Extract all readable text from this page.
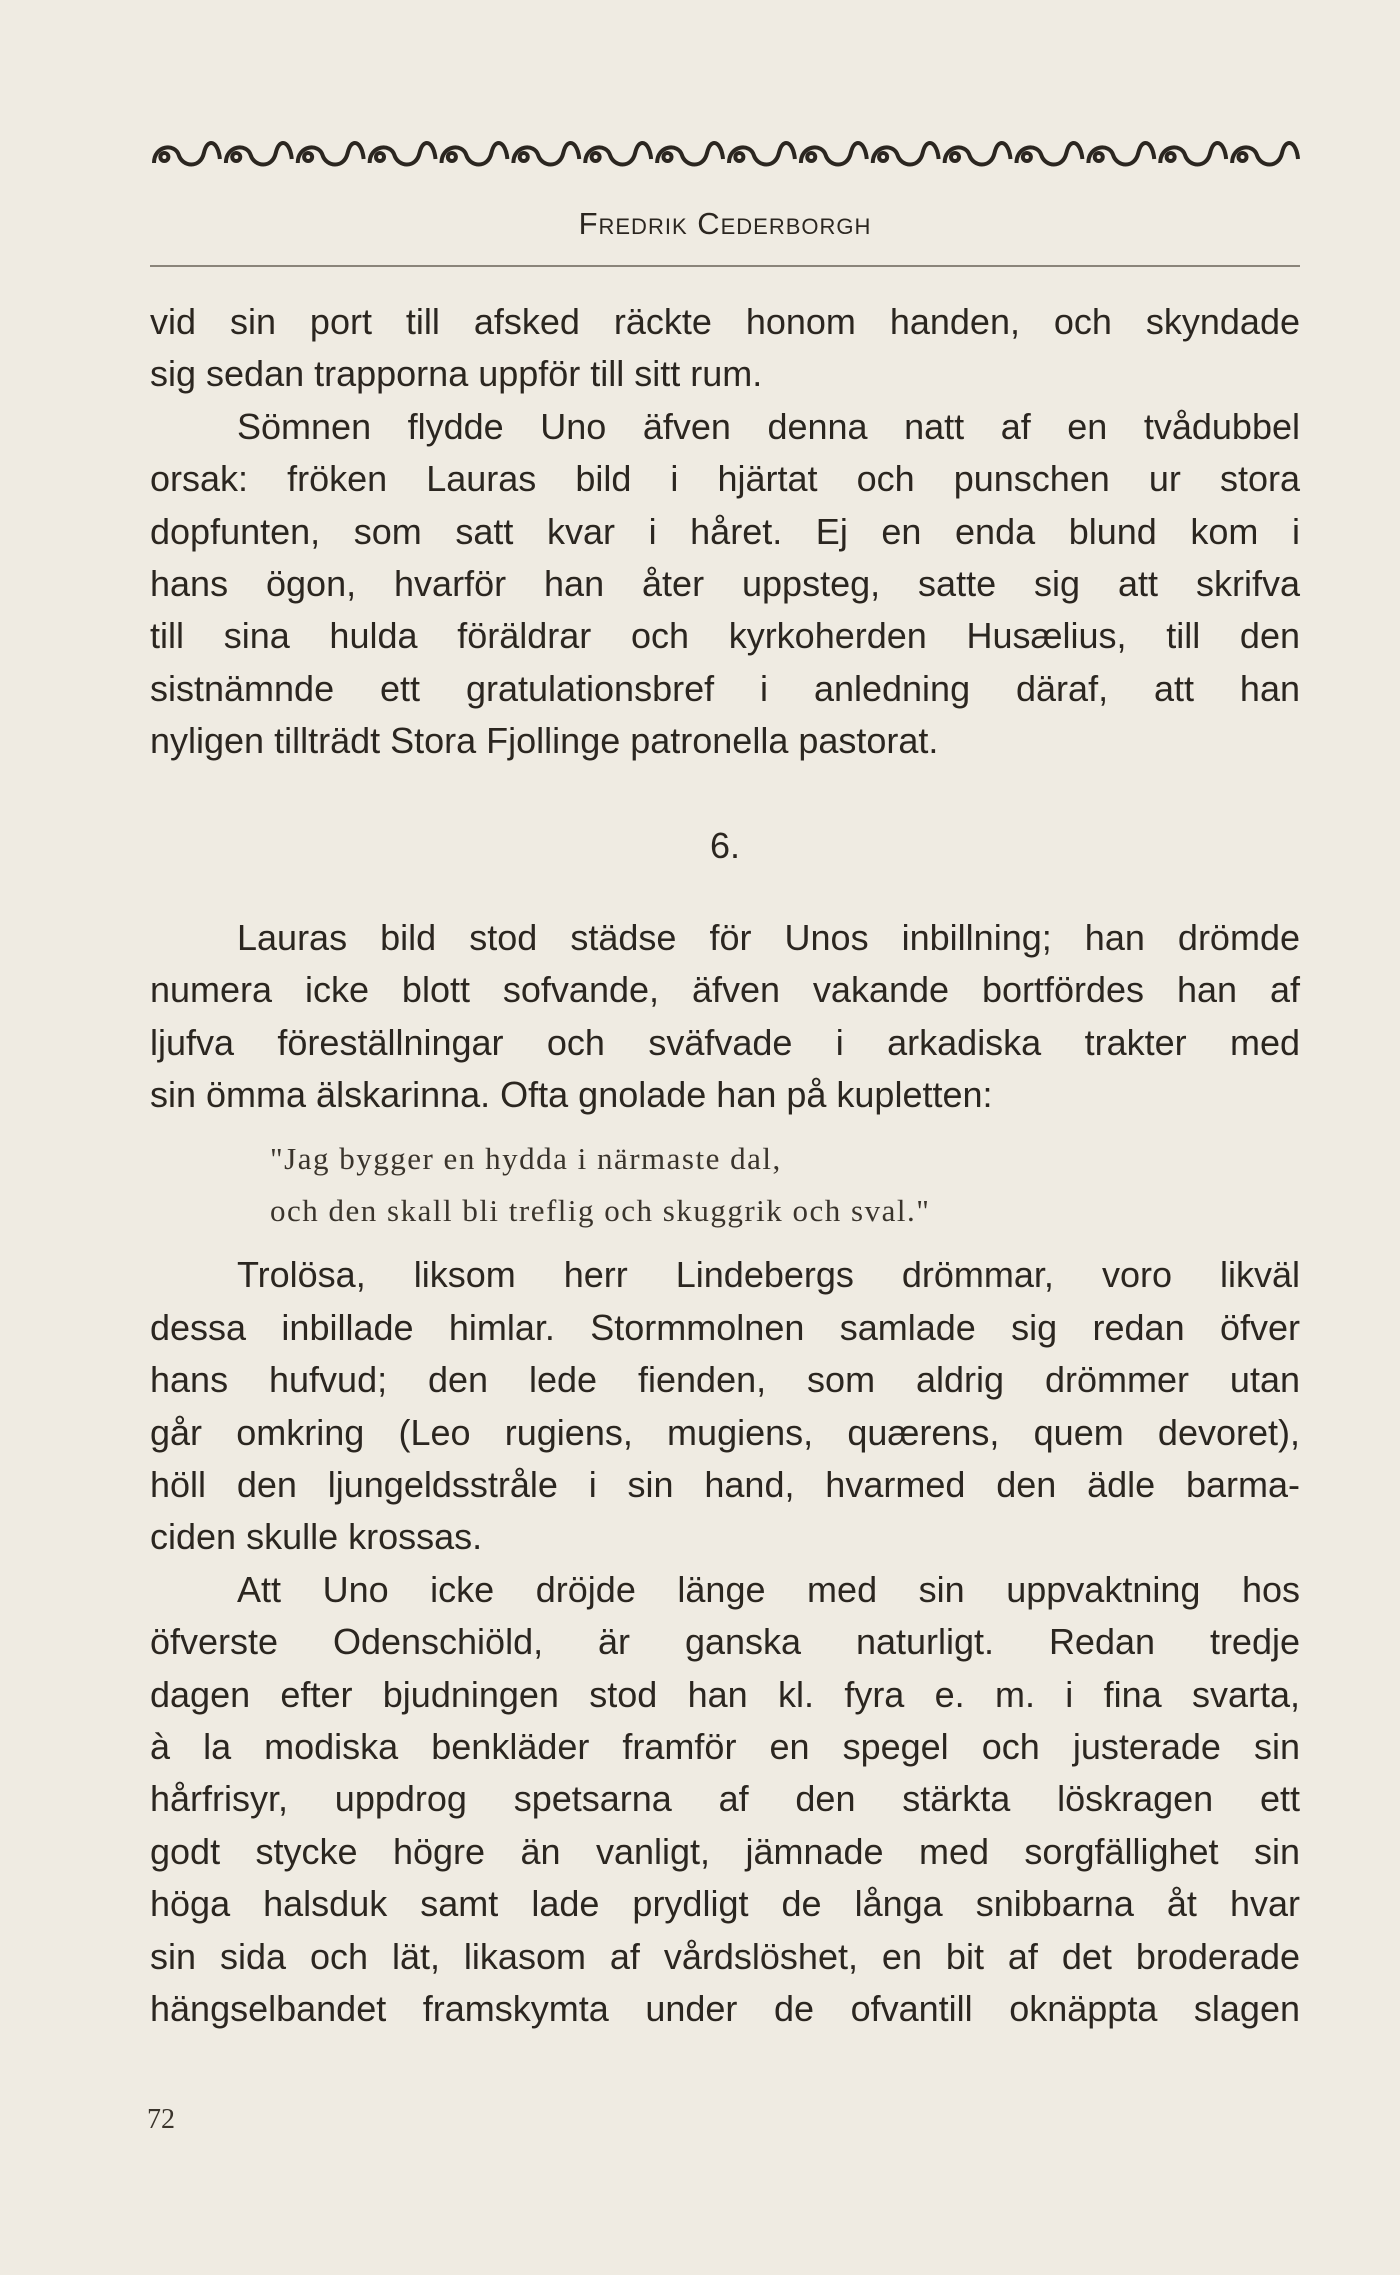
Fredrik Cederborgh
vid sin port till afsked räckte honom handen, och skyndade
sig sedan trapporna uppför till sitt rum.
Sömnen flydde Uno äfven denna natt af en tvådubbel
orsak: fröken Lauras bild i hjärtat och punschen ur stora
dopfunten, som satt kvar i håret. Ej en enda blund kom i
hans ögon, hvarför han åter uppsteg, satte sig att skrifva
till sina hulda föräldrar och kyrkoherden Husælius, till den
sistnämnde ett gratulationsbref i anledning däraf, att han
nyligen tillträdt Stora Fjollinge patronella pastorat.
6.
Lauras bild stod städse för Unos inbillning; han drömde
numera icke blott sofvande, äfven vakande bortfördes han af
ljufva föreställningar och sväfvade i arkadiska trakter med
sin ömma älskarinna. Ofta gnolade han på kupletten:
"Jag bygger en hydda i närmaste dal,
och den skall bli treflig och skuggrik och sval."
Trolösa, liksom herr Lindebergs drömmar, voro likväl
dessa inbillade himlar. Stormmolnen samlade sig redan öfver
hans hufvud; den lede fienden, som aldrig drömmer utan
går omkring (Leo rugiens, mugiens, quærens, quem devoret),
höll den ljungeldsstråle i sin hand, hvarmed den ädle barma-
ciden skulle krossas.
Att Uno icke dröjde länge med sin uppvaktning hos
öfverste Odenschiöld, är ganska naturligt. Redan tredje
dagen efter bjudningen stod han kl. fyra e. m. i fina svarta,
à la modiska benkläder framför en spegel och justerade sin
hårfrisyr, uppdrog spetsarna af den stärkta löskragen ett
godt stycke högre än vanligt, jämnade med sorgfällighet sin
höga halsduk samt lade prydligt de långa snibbarna åt hvar
sin sida och lät, likasom af vårdslöshet, en bit af det broderade
hängselbandet framskymta under de ofvantill oknäppta slagen
72
